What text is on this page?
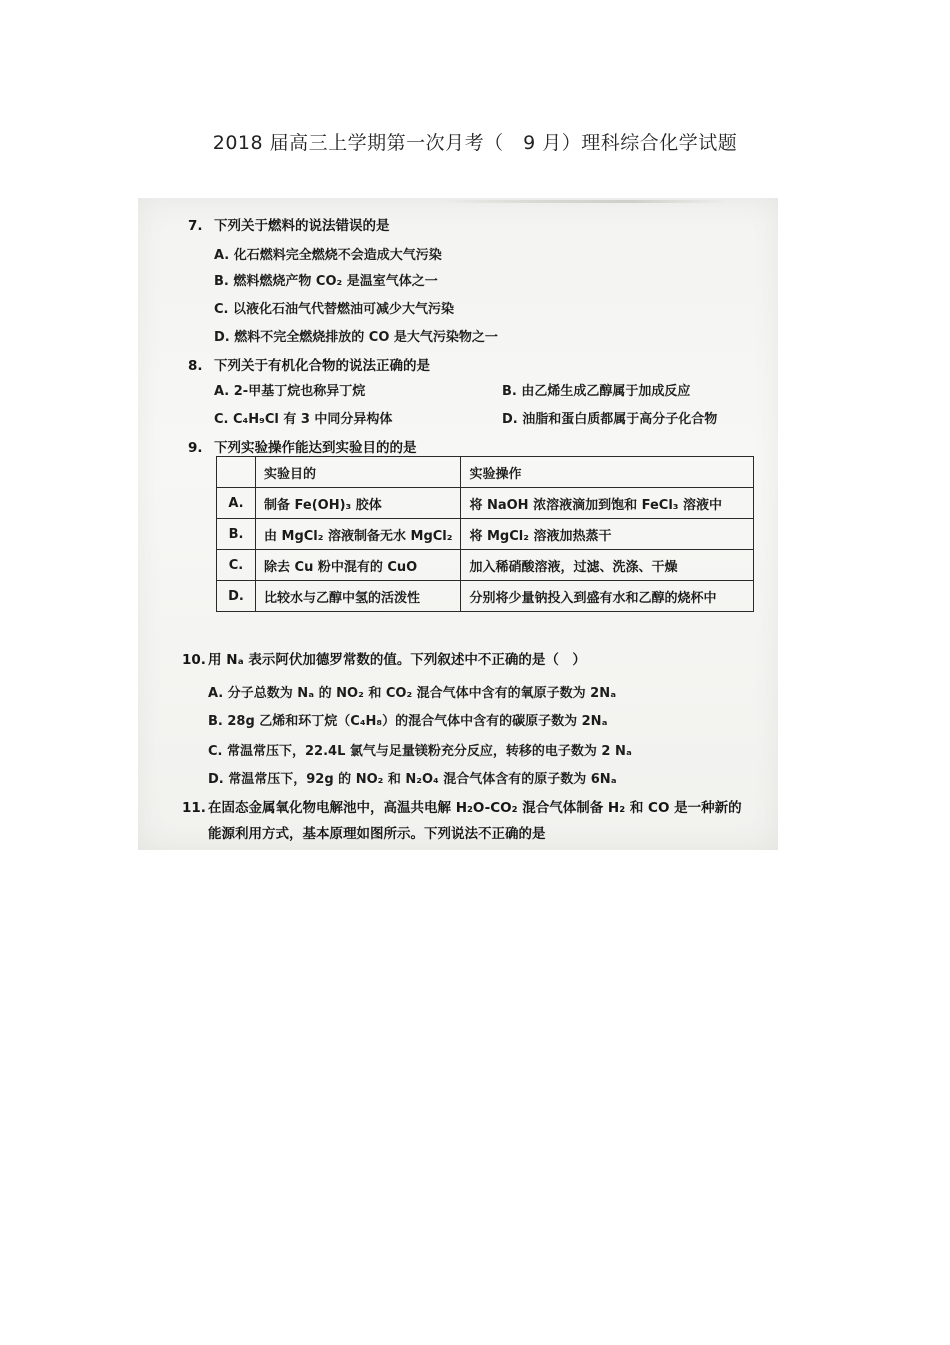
2018 届高三上学期第一次月考（　9 月）理科综合化学试题
7. 下列关于燃料的说法错误的是
A. 化石燃料完全燃烧不会造成大气污染
B. 燃料燃烧产物 CO₂ 是温室气体之一
C. 以液化石油气代替燃油可减少大气污染
D. 燃料不完全燃烧排放的 CO 是大气污染物之一
8. 下列关于有机化合物的说法正确的是
A. 2-甲基丁烷也称异丁烷	B. 由乙烯生成乙醇属于加成反应
C. C₄H₉Cl 有 3 中同分异构体	D. 油脂和蛋白质都属于高分子化合物
9. 下列实验操作能达到实验目的的是
	实验目的	实验操作
A.	制备 Fe(OH)₃ 胶体	将 NaOH 浓溶液滴加到饱和 FeCl₃ 溶液中
B.	由 MgCl₂ 溶液制备无水 MgCl₂	将 MgCl₂ 溶液加热蒸干
C.	除去 Cu 粉中混有的 CuO	加入稀硝酸溶液，过滤、洗涤、干燥
D.	比较水与乙醇中氢的活泼性	分别将少量钠投入到盛有水和乙醇的烧杯中
10. 用 Nₐ 表示阿伏加德罗常数的值。下列叙述中不正确的是（　）
A. 分子总数为 Nₐ 的 NO₂ 和 CO₂ 混合气体中含有的氧原子数为 2Nₐ
B. 28g 乙烯和环丁烷（C₄H₈）的混合气体中含有的碳原子数为 2Nₐ
C. 常温常压下，22.4L 氯气与足量镁粉充分反应，转移的电子数为 2 Nₐ
D. 常温常压下，92g 的 NO₂ 和 N₂O₄ 混合气体含有的原子数为 6Nₐ
11. 在固态金属氧化物电解池中，高温共电解 H₂O-CO₂ 混合气体制备 H₂ 和 CO 是一种新的
能源利用方式，基本原理如图所示。下列说法不正确的是
